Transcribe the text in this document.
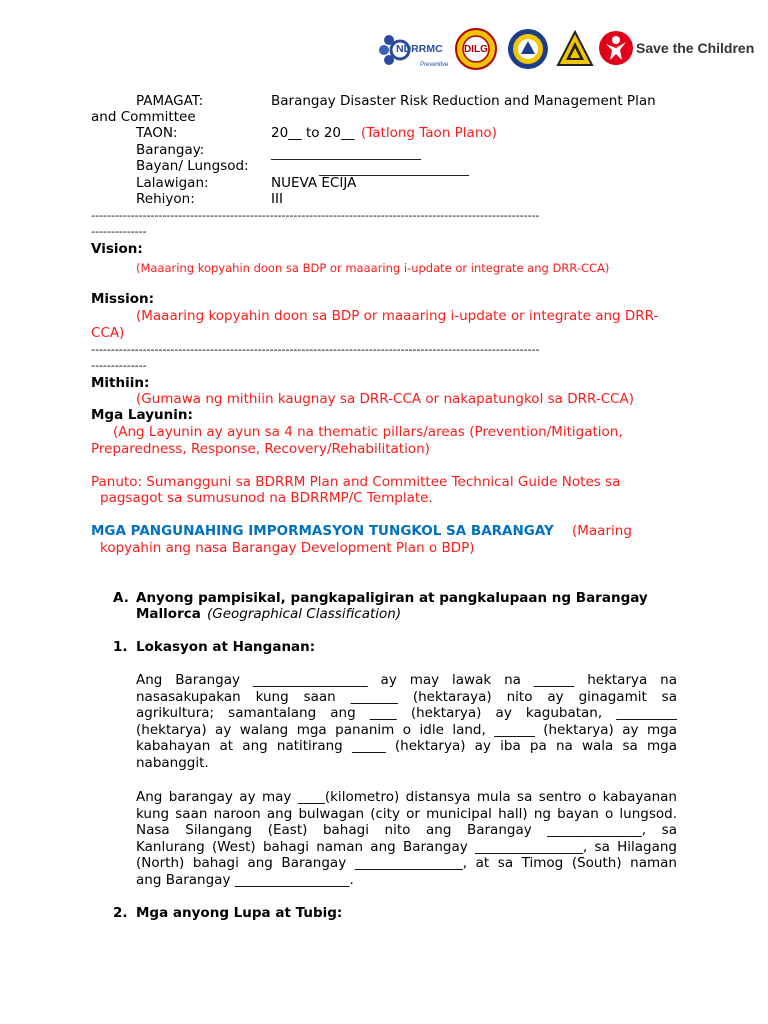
NDRRMC
Preventive
DILG	Save the Children
PAMAGAT:	Barangay Disaster Risk Reduction and Management Plan
and Committee
TAON:	20__ to 20__ (Tatlong Taon Plano)
Barangay:	_________________________
Bayan/ Lungsod:	_________________________
Lalawigan:	NUEVA ECIJA
Rehiyon:	III
-----------------------------------------------------------------------------------------------------------------
--------------
Vision:
(Maaaring kopyahin doon sa BDP or maaaring i-update or integrate ang DRR-CCA)
Mission:
(Maaaring kopyahin doon sa BDP or maaaring i-update or integrate ang DRR-
CCA)
-----------------------------------------------------------------------------------------------------------------
--------------
Mithiin:
(Gumawa ng mithiin kaugnay sa DRR-CCA or nakapatungkol sa DRR-CCA)
Mga Layunin:
(Ang Layunin ay ayun sa 4 na thematic pillars/areas (Prevention/Mitigation,
Preparedness, Response, Recovery/Rehabilitation)
Panuto: Sumangguni sa BDRRM Plan and Committee Technical Guide Notes sa
pagsagot sa sumusunod na BDRRMP/C Template.
MGA PANGUNAHING IMPORMASYON TUNGKOL SA BARANGAY (Maaring
kopyahin ang nasa Barangay Development Plan o BDP)
A. Anyong pampisikal, pangkapaligiran at pangkalupaan ng Barangay
Mallorca (Geographical Classification)
1. Lokasyon at Hanganan:
Ang Barangay _________________ ay may lawak na ______ hektarya na
nasasakupakan kung saan _______ (hektaraya) nito ay ginagamit sa
agrikultura; samantalang ang ____ (hektarya) ay kagubatan, _________
(hektarya) ay walang mga pananim o idle land, ______ (hektarya) ay mga
kabahayan at ang natitirang _____ (hektarya) ay iba pa na wala sa mga
nabanggit.
Ang barangay ay may ____(kilometro) distansya mula sa sentro o kabayanan
kung saan naroon ang bulwagan (city or municipal hall) ng bayan o lungsod.
Nasa Silangang (East) bahagi nito ang Barangay ______________, sa
Kanlurang (West) bahagi naman ang Barangay ________________, sa Hilagang
(North) bahagi ang Barangay ________________, at sa Timog (South) naman
ang Barangay _________________.
2. Mga anyong Lupa at Tubig:
